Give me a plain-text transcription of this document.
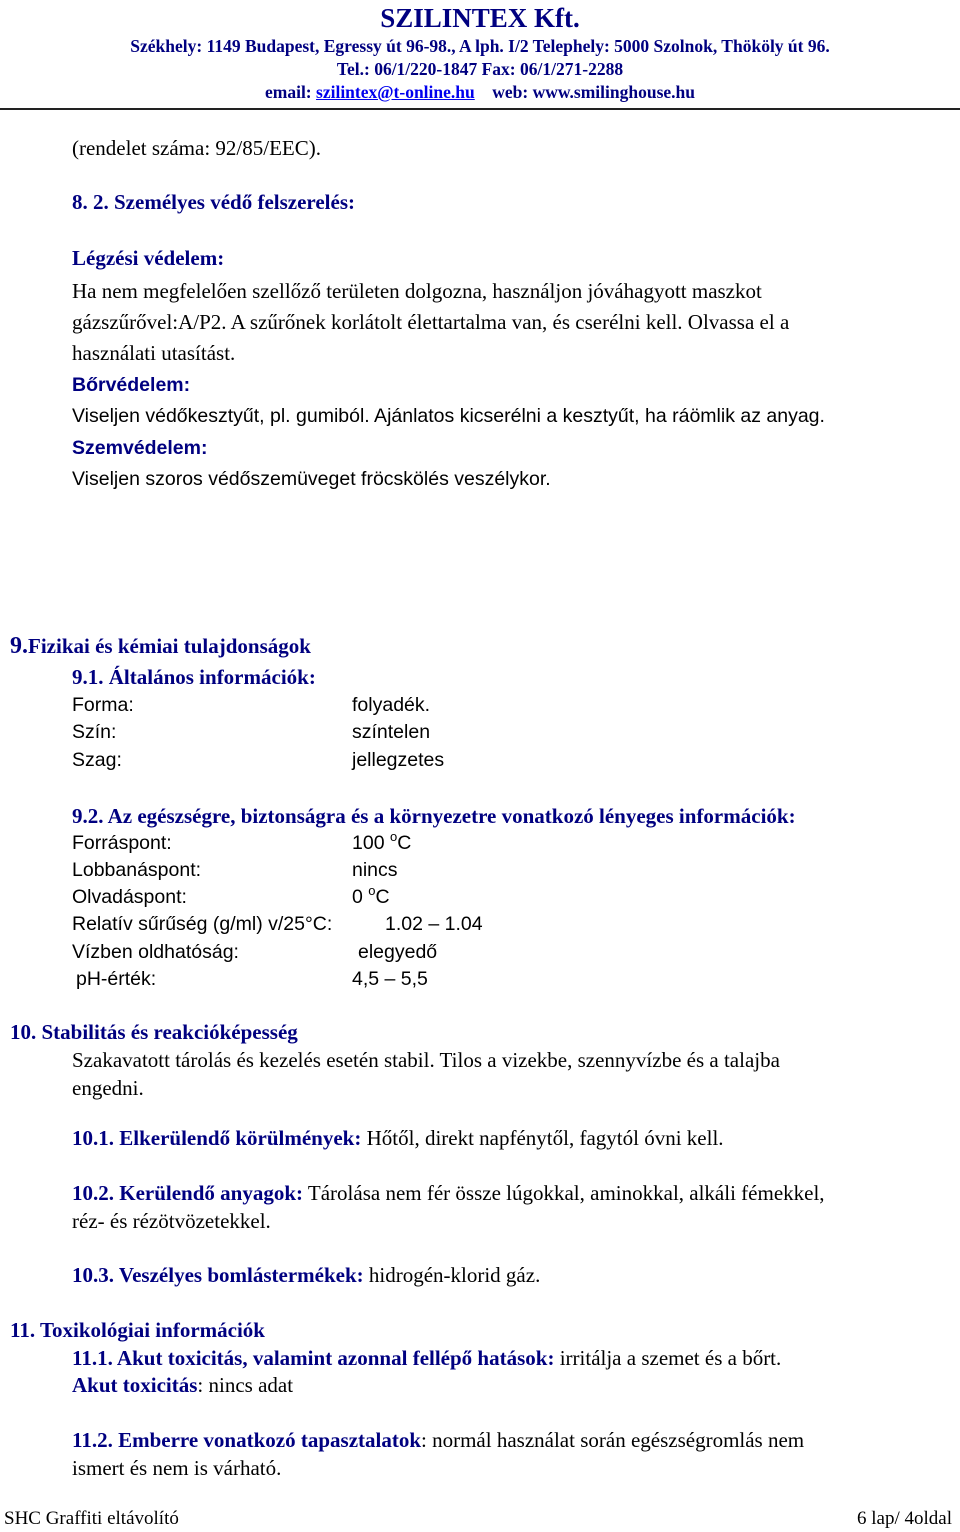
SZILINTEX Kft.
Székhely: 1149 Budapest, Egressy út 96-98., A lph. I/2 Telephely: 5000 Szolnok, Thököly út 96.
Tel.: 06/1/220-1847 Fax: 06/1/271-2288
email: szilintex@t-online.hu web: www.smilinghouse.hu
(rendelet száma: 92/85/EEC).
8. 2. Személyes védő felszerelés:
Légzési védelem:
Ha nem megfelelően szellőző területen dolgozna, használjon jóváhagyott maszkot
gázszűrővel:A/P2. A szűrőnek korlátolt élettartalma van, és cserélni kell. Olvassa el a
használati utasítást.
Bőrvédelem:
Viseljen védőkesztyűt, pl. gumiból. Ajánlatos kicserélni a kesztyűt, ha ráömlik az anyag.
Szemvédelem:
Viseljen szoros védőszemüveget fröcskölés veszélykor.
9.Fizikai és kémiai tulajdonságok
9.1. Általános információk:
Forma:	folyadék.
Szín:	színtelen
Szag:	jellegzetes
9.2. Az egészségre, biztonságra és a környezetre vonatkozó lényeges információk:
Forráspont:	100 $^o$C
Lobbanáspont:	nincs
Olvadáspont:	0 $^o$C
Relatív sűrűség (g/ml) v/25°C:	1.02 – 1.04
Vízben oldhatóság:	elegyedő
pH-érték:	4,5 – 5,5
10. Stabilitás és reakcióképesség
Szakavatott tárolás és kezelés esetén stabil. Tilos a vizekbe, szennyvízbe és a talajba
engedni.
10.1. Elkerülendő körülmények: Hőtől, direkt napfénytől, fagytól óvni kell.
10.2. Kerülendő anyagok: Tárolása nem fér össze lúgokkal, aminokkal, alkáli fémekkel,
réz- és rézötvözetekkel.
10.3. Veszélyes bomlástermékek: hidrogén-klorid gáz.
11. Toxikológiai információk
11.1. Akut toxicitás, valamint azonnal fellépő hatások: irritálja a szemet és a bőrt.
Akut toxicitás: nincs adat
11.2. Emberre vonatkozó tapasztalatok: normál használat során egészségromlás nem
ismert és nem is várható.
SHC Graffiti eltávolító	6 lap/ 4oldal
